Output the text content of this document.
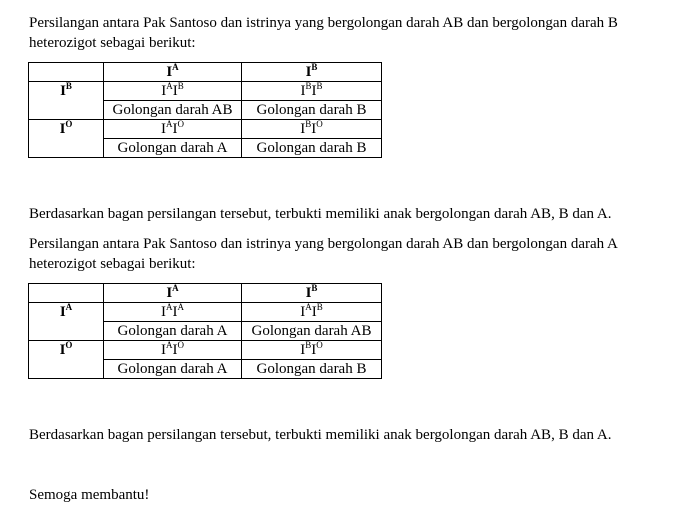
Persilangan antara Pak Santoso dan istrinya yang bergolongan darah AB dan bergolongan darah B heterozigot sebagai berikut:

	$I^A$	$I^B$
$I^B$	$I^AI^B$	$I^BI^B$
	Golongan darah AB	Golongan darah B
$I^O$	$I^AI^O$	$I^BI^O$
	Golongan darah A	Golongan darah B

Berdasarkan bagan persilangan tersebut, terbukti memiliki anak bergolongan darah AB, B dan A.

Persilangan antara Pak Santoso dan istrinya yang bergolongan darah AB dan bergolongan darah A heterozigot sebagai berikut:

	$I^A$	$I^B$
$I^A$	$I^AI^A$	$I^AI^B$
	Golongan darah A	Golongan darah AB
$I^O$	$I^AI^O$	$I^BI^O$
	Golongan darah A	Golongan darah B

Berdasarkan bagan persilangan tersebut, terbukti memiliki anak bergolongan darah AB, B dan A.

Semoga membantu!
